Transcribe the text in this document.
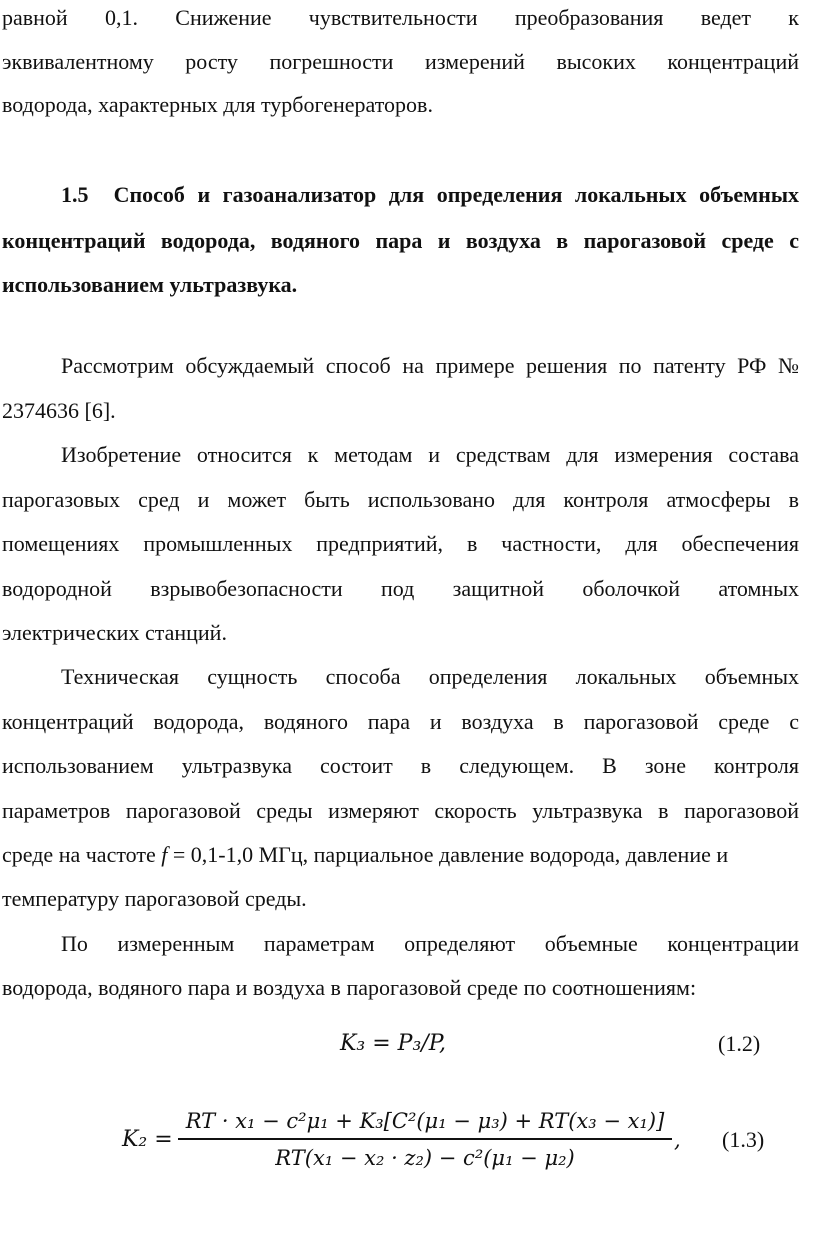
равной 0,1. Снижение чувствительности преобразования ведет к
эквивалентному росту погрешности измерений высоких концентраций
водорода, характерных для турбогенераторов.
1.5 Способ и газоанализатор для определения локальных объемных
концентраций водорода, водяного пара и воздуха в парогазовой среде с
использованием ультразвука.
Рассмотрим обсуждаемый способ на примере решения по патенту РФ №
2374636 [6].
Изобретение относится к методам и средствам для измерения состава
парогазовых сред и может быть использовано для контроля атмосферы в
помещениях промышленных предприятий, в частности, для обеспечения
водородной взрывобезопасности под защитной оболочкой атомных
электрических станций.
Техническая сущность способа определения локальных объемных
концентраций водорода, водяного пара и воздуха в парогазовой среде с
использованием ультразвука состоит в следующем. В зоне контроля
параметров парогазовой среды измеряют скорость ультразвука в парогазовой
среде на частоте f = 0,1-1,0 МГц, парциальное давление водорода, давление и
температуру парогазовой среды.
По измеренным параметрам определяют объемные концентрации
водорода, водяного пара и воздуха в парогазовой среде по соотношениям:
K₃ = P₃/P,	(1.2)
K₂ =
RT · x₁ − c²μ₁ + K₃[C²(μ₁ − μ₃) + RT(x₃ − x₁)]
RT(x₁ − x₂ · z₂) − c²(μ₁ − μ₂)
, (1.3)
